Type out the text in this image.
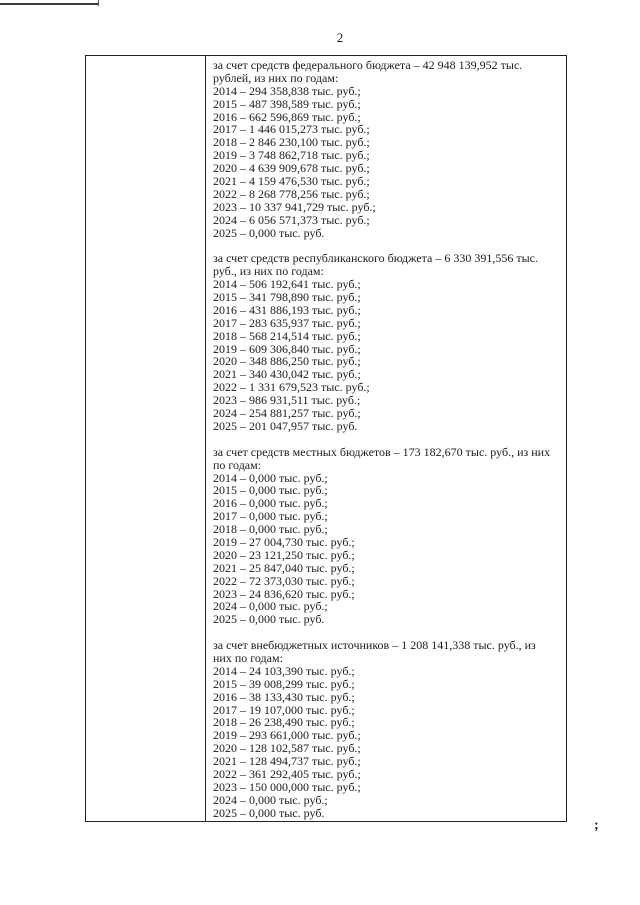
2
за счет средств федерального бюджета – 42 948 139,952 тыс.
рублей, из них по годам:
2014 – 294 358,838 тыс. руб.;
2015 – 487 398,589 тыс. руб.;
2016 – 662 596,869 тыс. руб.;
2017 – 1 446 015,273 тыс. руб.;
2018 – 2 846 230,100 тыс. руб.;
2019 – 3 748 862,718 тыс. руб.;
2020 – 4 639 909,678 тыс. руб.;
2021 – 4 159 476,530 тыс. руб.;
2022 – 8 268 778,256 тыс. руб.;
2023 – 10 337 941,729 тыс. руб.;
2024 – 6 056 571,373 тыс. руб.;
2025 – 0,000 тыс. руб.
за счет средств республиканского бюджета – 6 330 391,556 тыс.
руб., из них по годам:
2014 – 506 192,641 тыс. руб.;
2015 – 341 798,890 тыс. руб.;
2016 – 431 886,193 тыс. руб.;
2017 – 283 635,937 тыс. руб.;
2018 – 568 214,514 тыс. руб.;
2019 – 609 306,840 тыс. руб.;
2020 – 348 886,250 тыс. руб.;
2021 – 340 430,042 тыс. руб.;
2022 – 1 331 679,523 тыс. руб.;
2023 – 986 931,511 тыс. руб.;
2024 – 254 881,257 тыс. руб.;
2025 – 201 047,957 тыс. руб.
за счет средств местных бюджетов – 173 182,670 тыс. руб., из них
по годам:
2014 – 0,000 тыс. руб.;
2015 – 0,000 тыс. руб.;
2016 – 0,000 тыс. руб.;
2017 – 0,000 тыс. руб.;
2018 – 0,000 тыс. руб.;
2019 – 27 004,730 тыс. руб.;
2020 – 23 121,250 тыс. руб.;
2021 – 25 847,040 тыс. руб.;
2022 – 72 373,030 тыс. руб.;
2023 – 24 836,620 тыс. руб.;
2024 – 0,000 тыс. руб.;
2025 – 0,000 тыс. руб.
за счет внебюджетных источников – 1 208 141,338 тыс. руб., из
них по годам:
2014 – 24 103,390 тыс. руб.;
2015 – 39 008,299 тыс. руб.;
2016 – 38 133,430 тыс. руб.;
2017 – 19 107,000 тыс. руб.;
2018 – 26 238,490 тыс. руб.;
2019 – 293 661,000 тыс. руб.;
2020 – 128 102,587 тыс. руб.;
2021 – 128 494,737 тыс. руб.;
2022 – 361 292,405 тыс. руб.;
2023 – 150 000,000 тыс. руб.;
2024 – 0,000 тыс. руб.;
2025 – 0,000 тыс. руб.
;
